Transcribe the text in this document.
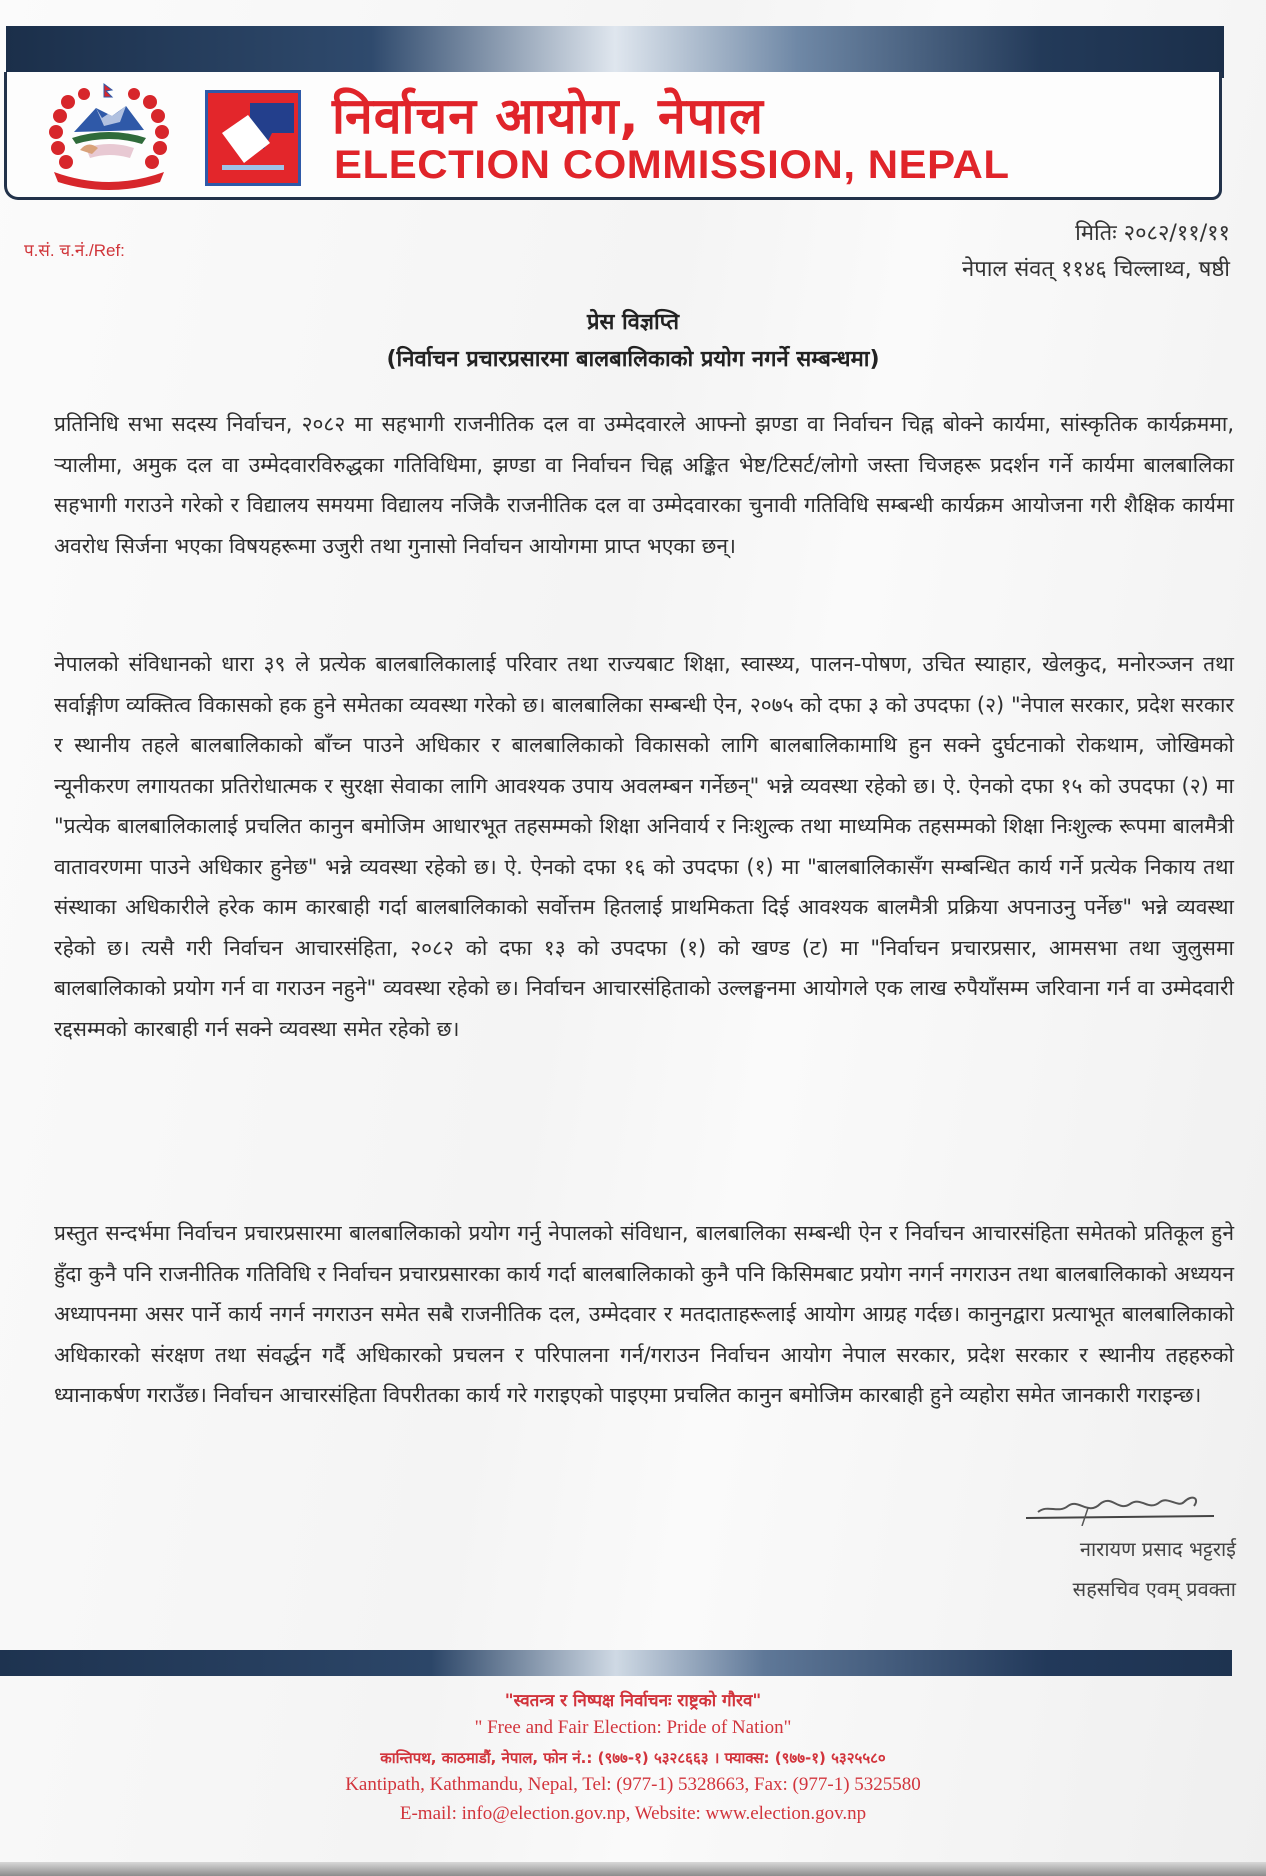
निर्वाचन आयोग, नेपाल
ELECTION COMMISSION, NEPAL
प.सं. च.नं./Ref:
मितिः २०८२/११/११
नेपाल संवत् ११४६ चिल्लाथ्व, षष्ठी
प्रेस विज्ञप्ति
(निर्वाचन प्रचारप्रसारमा बालबालिकाको प्रयोग नगर्ने सम्बन्धमा)

प्रतिनिधि सभा सदस्य निर्वाचन, २०८२ मा सहभागी राजनीतिक दल वा उम्मेदवारले आफ्नो झण्डा वा निर्वाचन चिह्न बोक्ने कार्यमा, सांस्कृतिक कार्यक्रममा, र्‍यालीमा, अमुक दल वा उम्मेदवारविरुद्धका गतिविधिमा, झण्डा वा निर्वाचन चिह्न अङ्कित भेष्ट/टिसर्ट/लोगो जस्ता चिजहरू प्रदर्शन गर्ने कार्यमा बालबालिका सहभागी गराउने गरेको र विद्यालय समयमा विद्यालय नजिकै राजनीतिक दल वा उम्मेदवारका चुनावी गतिविधि सम्बन्धी कार्यक्रम आयोजना गरी शैक्षिक कार्यमा अवरोध सिर्जना भएका विषयहरूमा उजुरी तथा गुनासो निर्वाचन आयोगमा प्राप्त भएका छन्।

नेपालको संविधानको धारा ३९ ले प्रत्येक बालबालिकालाई परिवार तथा राज्यबाट शिक्षा, स्वास्थ्य, पालन-पोषण, उचित स्याहार, खेलकुद, मनोरञ्जन तथा सर्वाङ्गीण व्यक्तित्व विकासको हक हुने समेतका व्यवस्था गरेको छ। बालबालिका सम्बन्धी ऐन, २०७५ को दफा ३ को उपदफा (२) "नेपाल सरकार, प्रदेश सरकार र स्थानीय तहले बालबालिकाको बाँच्न पाउने अधिकार र बालबालिकाको विकासको लागि बालबालिकामाथि हुन सक्ने दुर्घटनाको रोकथाम, जोखिमको न्यूनीकरण लगायतका प्रतिरोधात्मक र सुरक्षा सेवाका लागि आवश्यक उपाय अवलम्बन गर्नेछन्" भन्ने व्यवस्था रहेको छ। ऐ. ऐनको दफा १५ को उपदफा (२) मा "प्रत्येक बालबालिकालाई प्रचलित कानुन बमोजिम आधारभूत तहसम्मको शिक्षा अनिवार्य र निःशुल्क तथा माध्यमिक तहसम्मको शिक्षा निःशुल्क रूपमा बालमैत्री वातावरणमा पाउने अधिकार हुनेछ" भन्ने व्यवस्था रहेको छ। ऐ. ऐनको दफा १६ को उपदफा (१) मा "बालबालिकासँग सम्बन्धित कार्य गर्ने प्रत्येक निकाय तथा संस्थाका अधिकारीले हरेक काम कारबाही गर्दा बालबालिकाको सर्वोत्तम हितलाई प्राथमिकता दिई आवश्यक बालमैत्री प्रक्रिया अपनाउनु पर्नेछ" भन्ने व्यवस्था रहेको छ। त्यसै गरी निर्वाचन आचारसंहिता, २०८२ को दफा १३ को उपदफा (१) को खण्ड (ट) मा "निर्वाचन प्रचारप्रसार, आमसभा तथा जुलुसमा बालबालिकाको प्रयोग गर्न वा गराउन नहुने" व्यवस्था रहेको छ। निर्वाचन आचारसंहिताको उल्लङ्घनमा आयोगले एक लाख रुपैयाँसम्म जरिवाना गर्न वा उम्मेदवारी रद्दसम्मको कारबाही गर्न सक्ने व्यवस्था समेत रहेको छ।

प्रस्तुत सन्दर्भमा निर्वाचन प्रचारप्रसारमा बालबालिकाको प्रयोग गर्नु नेपालको संविधान, बालबालिका सम्बन्धी ऐन र निर्वाचन आचारसंहिता समेतको प्रतिकूल हुने हुँदा कुनै पनि राजनीतिक गतिविधि र निर्वाचन प्रचारप्रसारका कार्य गर्दा बालबालिकाको कुनै पनि किसिमबाट प्रयोग नगर्न नगराउन तथा बालबालिकाको अध्ययन अध्यापनमा असर पार्ने कार्य नगर्न नगराउन समेत सबै राजनीतिक दल, उम्मेदवार र मतदाताहरूलाई आयोग आग्रह गर्दछ। कानुनद्वारा प्रत्याभूत बालबालिकाको अधिकारको संरक्षण तथा संवर्द्धन गर्दै अधिकारको प्रचलन र परिपालना गर्न/गराउन निर्वाचन आयोग नेपाल सरकार, प्रदेश सरकार र स्थानीय तहहरुको ध्यानाकर्षण गराउँछ। निर्वाचन आचारसंहिता विपरीतका कार्य गरे गराइएको पाइएमा प्रचलित कानुन बमोजिम कारबाही हुने व्यहोरा समेत जानकारी गराइन्छ।

नारायण प्रसाद भट्टराई
सहसचिव एवम् प्रवक्ता
"स्वतन्त्र र निष्पक्ष निर्वाचनः राष्ट्रको गौरव"
" Free and Fair Election: Pride of Nation"
कान्तिपथ, काठमाडौं, नेपाल, फोन नं.: (९७७-१) ५३२८६६३ । फ्याक्स: (९७७-१) ५३२५५८०
Kantipath, Kathmandu, Nepal, Tel: (977-1) 5328663, Fax: (977-1) 5325580
E-mail: info@election.gov.np, Website: www.election.gov.np
